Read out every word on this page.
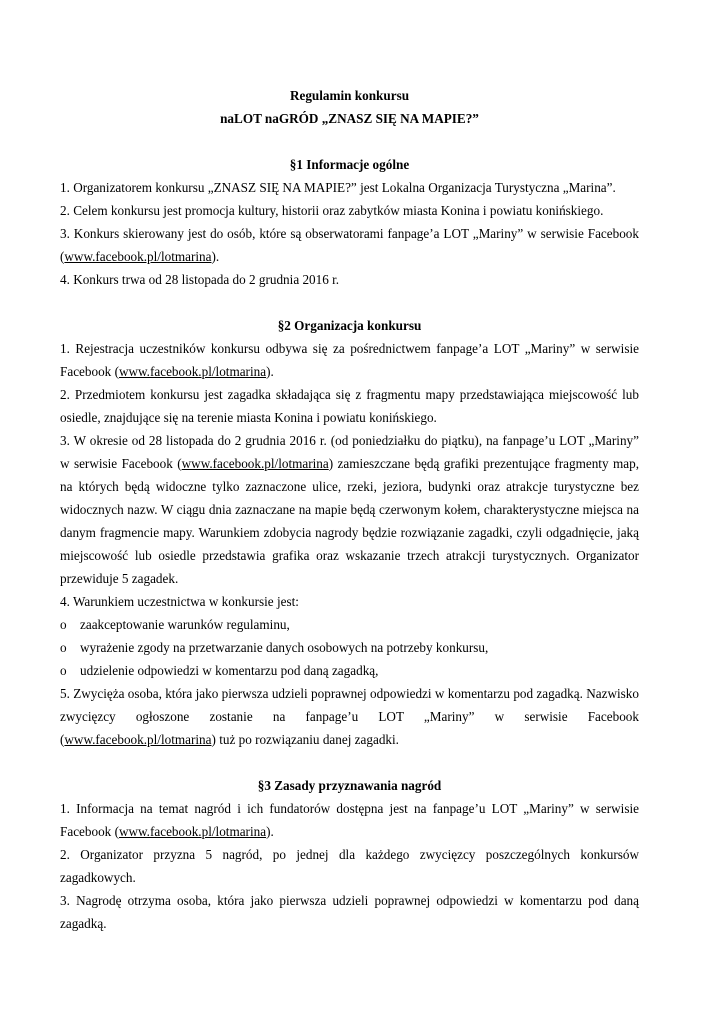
Regulamin konkursu
naLOT naGRÓD „ZNASZ SIĘ NA MAPIE?”
§1 Informacje ogólne

1. Organizatorem konkursu „ZNASZ SIĘ NA MAPIE?” jest Lokalna Organizacja Turystyczna „Marina”.

2. Celem konkursu jest promocja kultury, historii oraz zabytków miasta Konina i powiatu konińskiego.

3. Konkurs skierowany jest do osób, które są obserwatorami fanpage’a LOT „Mariny” w serwisie Facebook (www.facebook.pl/lotmarina).

4. Konkurs trwa od 28 listopada do 2 grudnia 2016 r.

§2 Organizacja konkursu

1. Rejestracja uczestników konkursu odbywa się za pośrednictwem fanpage’a LOT „Mariny” w serwisie Facebook (www.facebook.pl/lotmarina).

2. Przedmiotem konkursu jest zagadka składająca się z fragmentu mapy przedstawiająca miejscowość lub osiedle, znajdujące się na terenie miasta Konina i powiatu konińskiego.

3. W okresie od 28 listopada do 2 grudnia 2016 r. (od poniedziałku do piątku), na fanpage’u LOT „Mariny” w serwisie Facebook (www.facebook.pl/lotmarina) zamieszczane będą grafiki prezentujące fragmenty map, na których będą widoczne tylko zaznaczone ulice, rzeki, jeziora, budynki oraz atrakcje turystyczne bez widocznych nazw. W ciągu dnia zaznaczane na mapie będą czerwonym kołem, charakterystyczne miejsca na danym fragmencie mapy. Warunkiem zdobycia nagrody będzie rozwiązanie zagadki, czyli odgadnięcie, jaką miejscowość lub osiedle przedstawia grafika oraz wskazanie trzech atrakcji turystycznych. Organizator przewiduje 5 zagadek.

4. Warunkiem uczestnictwa w konkursie jest:

o zaakceptowanie warunków regulaminu,
o wyrażenie zgody na przetwarzanie danych osobowych na potrzeby konkursu,
o udzielenie odpowiedzi w komentarzu pod daną zagadką,

5. Zwycięża osoba, która jako pierwsza udzieli poprawnej odpowiedzi w komentarzu pod zagadką. Nazwisko zwycięzcy ogłoszone zostanie na fanpage’u LOT „Mariny” w serwisie Facebook (www.facebook.pl/lotmarina) tuż po rozwiązaniu danej zagadki.

§3 Zasady przyznawania nagród

1. Informacja na temat nagród i ich fundatorów dostępna jest na fanpage’u LOT „Mariny” w serwisie Facebook (www.facebook.pl/lotmarina).

2. Organizator przyzna 5 nagród, po jednej dla każdego zwycięzcy poszczególnych konkursów zagadkowych.

3. Nagrodę otrzyma osoba, która jako pierwsza udzieli poprawnej odpowiedzi w komentarzu pod daną zagadką.
